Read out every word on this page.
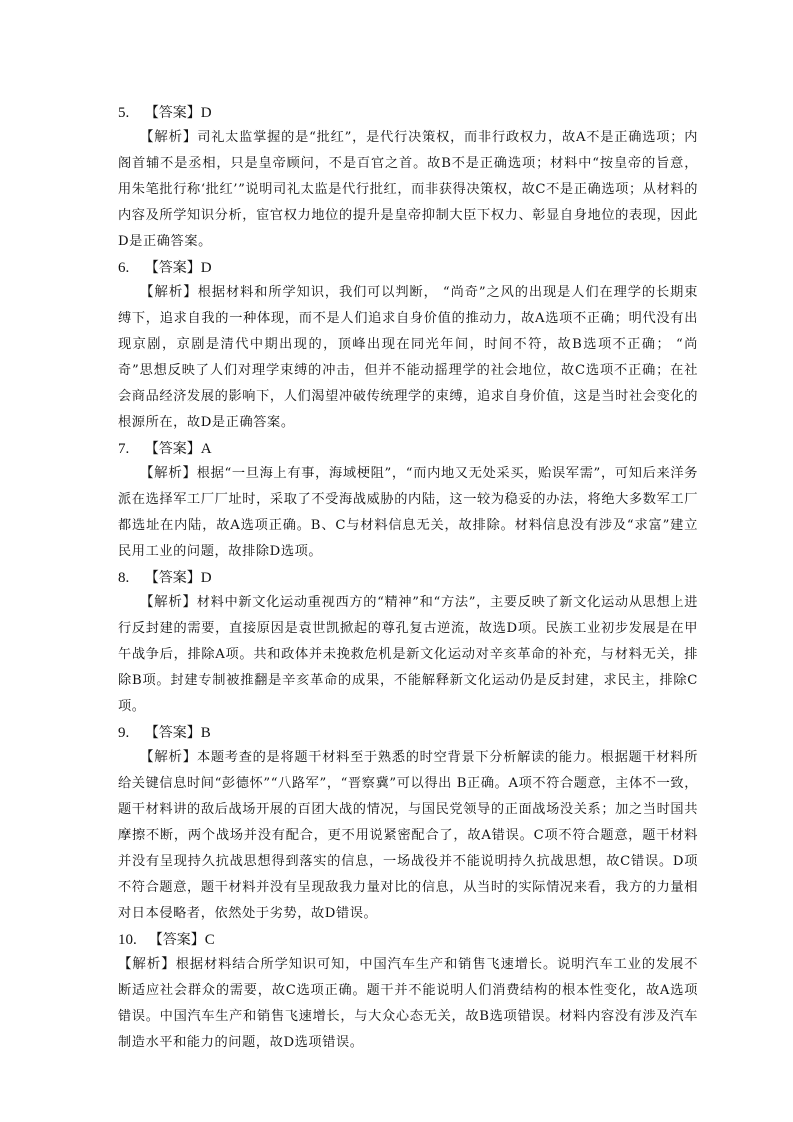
5. 【答案】D
【解析】司礼太监掌握的是“批红”，是代行决策权，而非行政权力，故A不是正确选项；内阁首辅不是丞相，只是皇帝顾问，不是百官之首。故B不是正确选项；材料中“按皇帝的旨意，用朱笔批行称‘批红’”说明司礼太监是代行批红，而非获得决策权，故C不是正确选项；从材料的内容及所学知识分析，宦官权力地位的提升是皇帝抑制大臣下权力、彰显自身地位的表现，因此D是正确答案。
6. 【答案】D
【解析】根据材料和所学知识，我们可以判断， “尚奇”之风的出现是人们在理学的长期束缚下，追求自我的一种体现，而不是人们追求自身价值的推动力，故A选项不正确；明代没有出现京剧，京剧是清代中期出现的，顶峰出现在同光年间，时间不符，故B选项不正确； “尚奇”思想反映了人们对理学束缚的冲击，但并不能动摇理学的社会地位，故C选项不正确；在社会商品经济发展的影响下，人们渴望冲破传统理学的束缚，追求自身价值，这是当时社会变化的根源所在，故D是正确答案。
7. 【答案】A
【解析】根据“一旦海上有事，海域梗阻”，“而内地又无处采买，贻误军需”，可知后来洋务派在选择军工厂厂址时，采取了不受海战威胁的内陆，这一较为稳妥的办法，将绝大多数军工厂都选址在内陆，故A选项正确。B、C与材料信息无关，故排除。材料信息没有涉及“求富”建立民用工业的问题，故排除D选项。
8. 【答案】D
【解析】材料中新文化运动重视西方的“精神”和“方法”，主要反映了新文化运动从思想上进行反封建的需要，直接原因是袁世凯掀起的尊孔复古逆流，故选D项。民族工业初步发展是在甲午战争后，排除A项。共和政体并未挽救危机是新文化运动对辛亥革命的补充，与材料无关，排除B项。封建专制被推翻是辛亥革命的成果，不能解释新文化运动仍是反封建，求民主，排除C项。
9. 【答案】B
【解析】本题考查的是将题干材料至于熟悉的时空背景下分析解读的能力。根据题干材料所给关键信息时间“彭德怀”“八路军”，“晋察冀”可以得出 B正确。A项不符合题意，主体不一致，题干材料讲的敌后战场开展的百团大战的情况，与国民党领导的正面战场没关系；加之当时国共摩擦不断，两个战场并没有配合，更不用说紧密配合了，故A错误。C项不符合题意，题干材料并没有呈现持久抗战思想得到落实的信息，一场战役并不能说明持久抗战思想，故C错误。D项不符合题意，题干材料并没有呈现敌我力量对比的信息，从当时的实际情况来看，我方的力量相对日本侵略者，依然处于劣势，故D错误。
10. 【答案】C
【解析】根据材料结合所学知识可知，中国汽车生产和销售飞速增长。说明汽车工业的发展不断适应社会群众的需要，故C选项正确。题干并不能说明人们消费结构的根本性变化，故A选项错误。中国汽车生产和销售飞速增长，与大众心态无关，故B选项错误。材料内容没有涉及汽车制造水平和能力的问题，故D选项错误。
